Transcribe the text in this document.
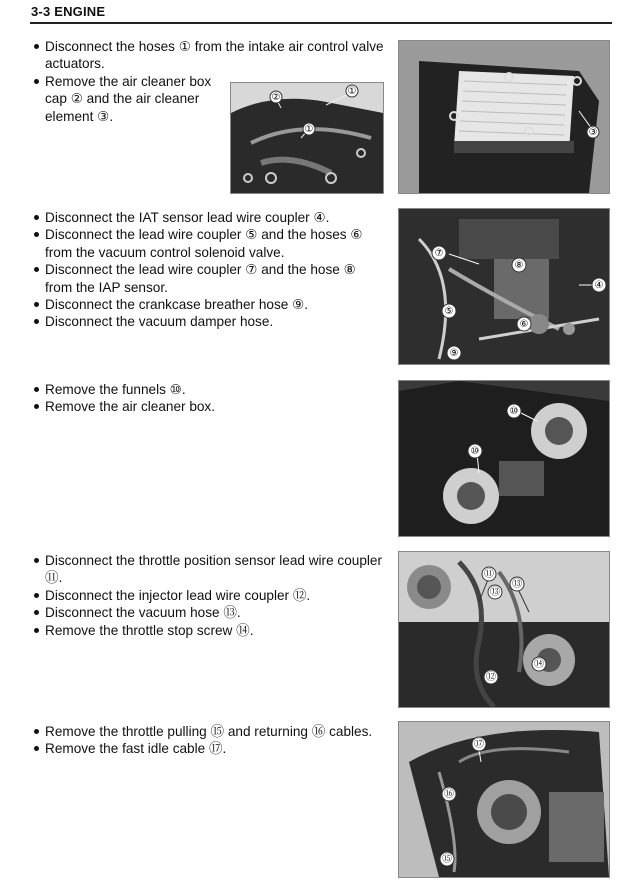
3-3 ENGINE
Disconnect the hoses ① from the intake air control valve actuators.
Remove the air cleaner box cap ② and the air cleaner element ③.
①
②
①	③
Disconnect the IAT sensor lead wire coupler ④.
Disconnect the lead wire coupler ⑤ and the hoses ⑥ from the vacuum control solenoid valve.
Disconnect the lead wire coupler ⑦ and the hose ⑧ from the IAP sensor.
Disconnect the crankcase breather hose ⑨.
Disconnect the vacuum damper hose.
⑦
⑧
④
⑤
⑥
⑨
Remove the funnels ⑩.
Remove the air cleaner box.	⑩
⑩
Disconnect the throttle position sensor lead wire coupler ⑪.
Disconnect the injector lead wire coupler ⑫.
Disconnect the vacuum hose ⑬.
Remove the throttle stop screw ⑭.
⑪
⑬
⑬
⑭
⑫
Remove the throttle pulling ⑮ and returning ⑯ cables.
Remove the fast idle cable ⑰.	⑰
⑯
⑮
